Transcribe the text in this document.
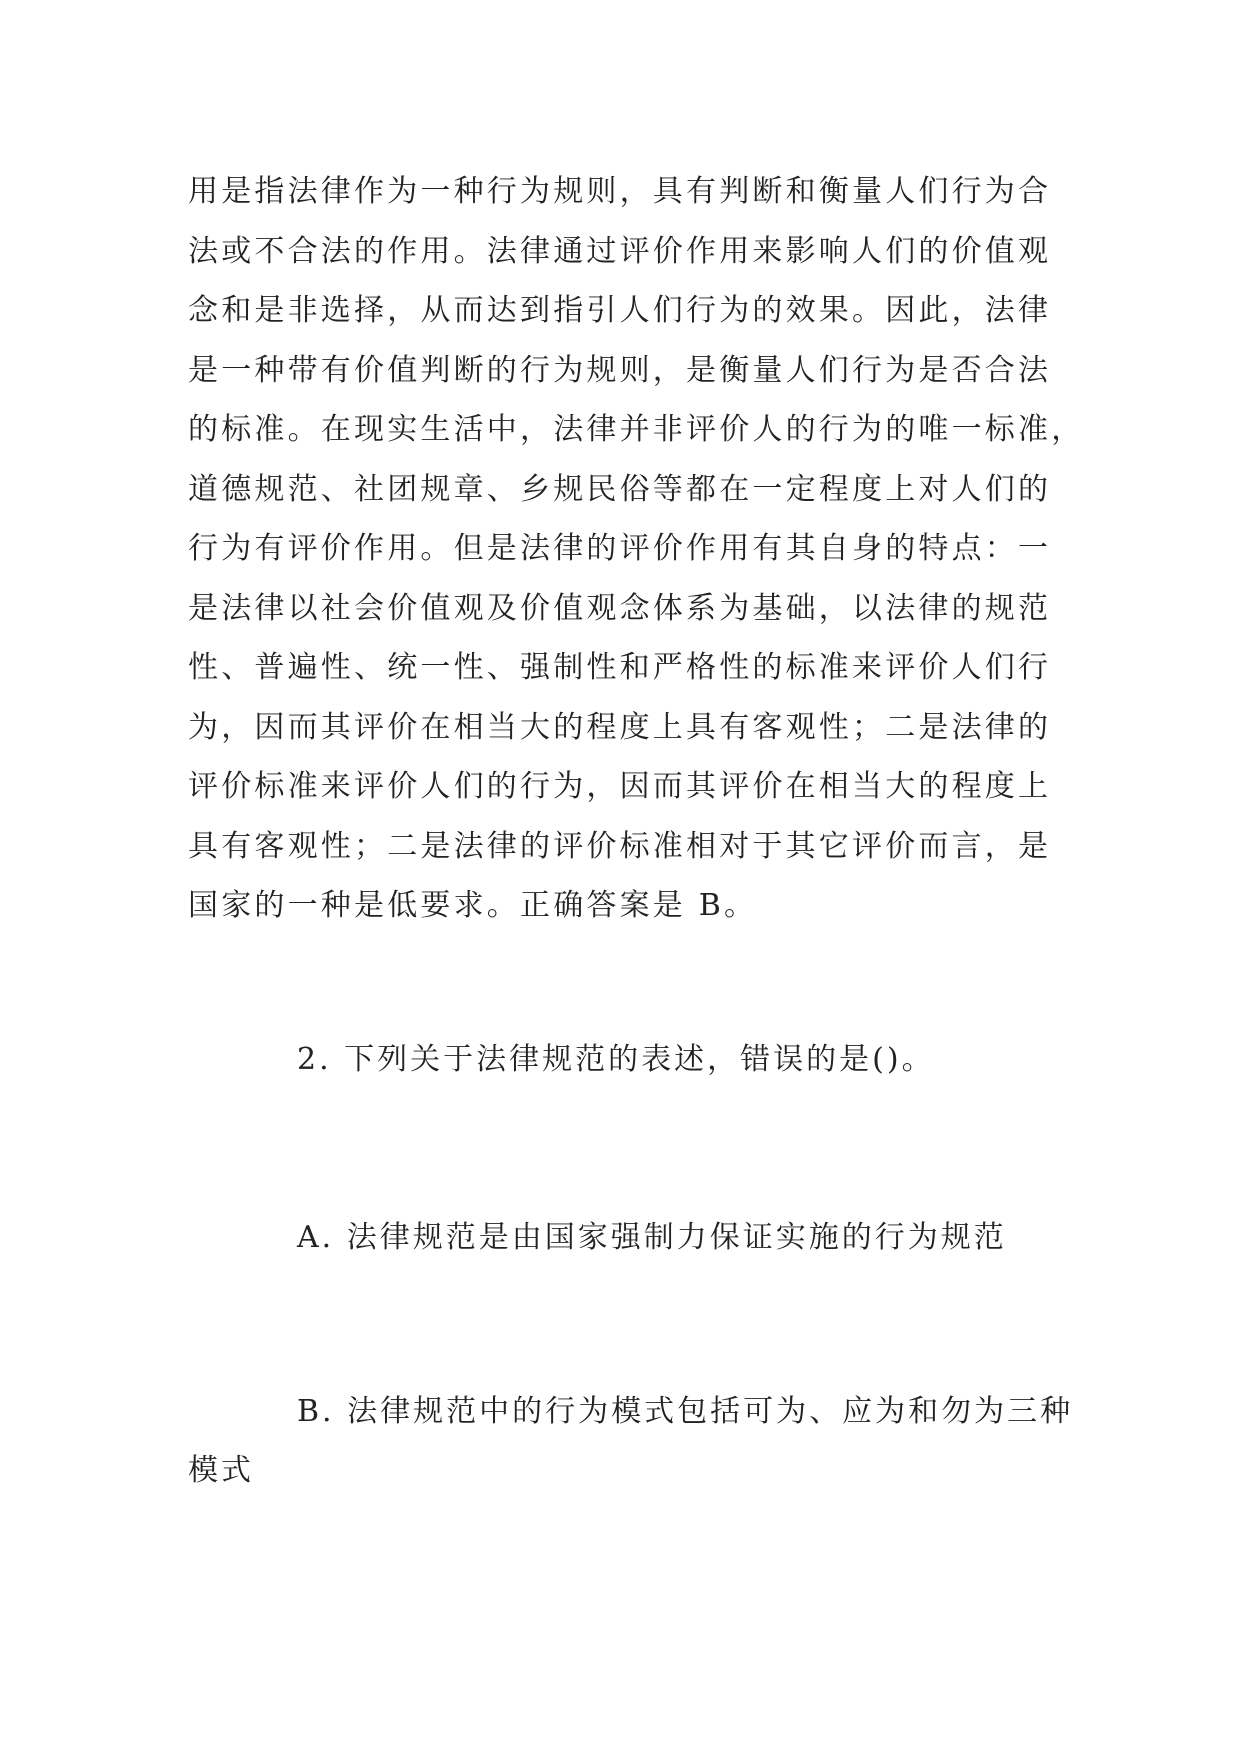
用是指法律作为一种行为规则，具有判断和衡量人们行为合
法或不合法的作用。法律通过评价作用来影响人们的价值观
念和是非选择，从而达到指引人们行为的效果。因此，法律
是一种带有价值判断的行为规则，是衡量人们行为是否合法
的标准。在现实生活中，法律并非评价人的行为的唯一标准，
道德规范、社团规章、乡规民俗等都在一定程度上对人们的
行为有评价作用。但是法律的评价作用有其自身的特点：一
是法律以社会价值观及价值观念体系为基础，以法律的规范
性、普遍性、统一性、强制性和严格性的标准来评价人们行
为，因而其评价在相当大的程度上具有客观性；二是法律的
评价标准来评价人们的行为，因而其评价在相当大的程度上
具有客观性；二是法律的评价标准相对于其它评价而言，是
国家的一种是低要求。正确答案是 B。

2. 下列关于法律规范的表述，错误的是()。

A. 法律规范是由国家强制力保证实施的行为规范

B. 法律规范中的行为模式包括可为、应为和勿为三种

模式
